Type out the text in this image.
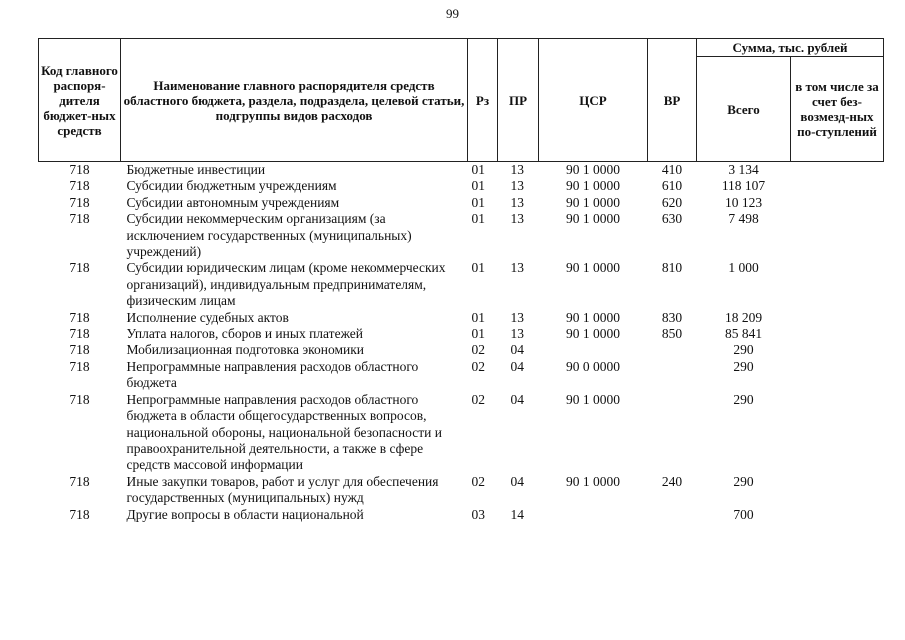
99
Код главного распоря-дителя бюджет-ных средств	Наименование главного распорядителя средств областного бюджета, раздела, подраздела, целевой статьи, подгруппы видов расходов	Рз	ПР	ЦСР	ВР	Сумма, тыс. рублей	
						Всего	в том числе за счет без-возмезд-ных по-ступлений
718	Бюджетные инвестиции	01	13	90 1 0000	410	3 134	
718	Субсидии бюджетным учреждениям	01	13	90 1 0000	610	118 107	
718	Субсидии автономным учреждениям	01	13	90 1 0000	620	10 123	
718	Субсидии некоммерческим организациям (за исключением государственных (муниципальных) учреждений)	01	13	90 1 0000	630	7 498	
718	Субсидии юридическим лицам (кроме некоммерческих организаций), индивидуальным предпринимателям, физическим лицам	01	13	90 1 0000	810	1 000	
718	Исполнение судебных актов	01	13	90 1 0000	830	18 209	
718	Уплата налогов, сборов и иных платежей	01	13	90 1 0000	850	85 841	
718	Мобилизационная подготовка экономики	02	04			290	
718	Непрограммные направления расходов областного бюджета	02	04	90 0 0000		290	
718	Непрограммные направления расходов областного бюджета в области общегосударственных вопросов, национальной обороны, национальной безопасности и правоохранительной деятельности, а также в сфере средств массовой информации	02	04	90 1 0000		290	
718	Иные закупки товаров, работ и услуг для обеспечения государственных (муниципальных) нужд	02	04	90 1 0000	240	290	
718	Другие вопросы в области национальной	03	14			700	
